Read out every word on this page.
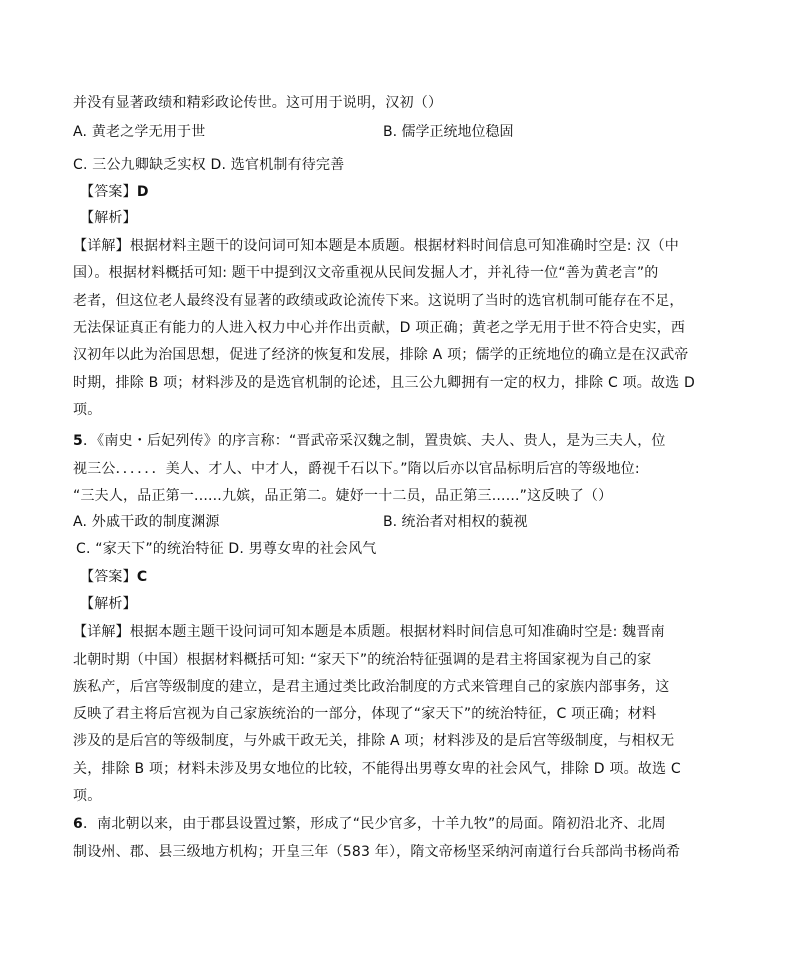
并没有显著政绩和精彩政论传世。这可用于说明，汉初（）
A. 黄老之学无用于世	B. 儒学正统地位稳固
C. 三公九卿缺乏实权 D. 选官机制有待完善
【答案】D
【解析】
【详解】根据材料主题干的设问词可知本题是本质题。根据材料时间信息可知准确时空是: 汉（中
国）。根据材料概括可知: 题干中提到汉文帝重视从民间发掘人才，并礼待一位“善为黄老言”的
老者，但这位老人最终没有显著的政绩或政论流传下来。这说明了当时的选官机制可能存在不足，
无法保证真正有能力的人进入权力中心并作出贡献，D 项正确；黄老之学无用于世不符合史实，西
汉初年以此为治国思想，促进了经济的恢复和发展，排除 A 项；儒学的正统地位的确立是在汉武帝
时期，排除 B 项；材料涉及的是选官机制的论述，且三公九卿拥有一定的权力，排除 C 项。故选 D
项。
5．《南史・后妃列传》的序言称：“晋武帝采汉魏之制，置贵嫔、夫人、贵人，是为三夫人，位
视三公．．．．．．美人、才人、中才人，爵视千石以下。”隋以后亦以官品标明后宫的等级地位:
“三夫人，品正第一......九嫔，品正第二。婕妤一十二员，品正第三......”这反映了（）
A. 外戚干政的制度渊源	B. 统治者对相权的藐视
C. “家天下”的统治特征 D. 男尊女卑的社会风气
【答案】C
【解析】
【详解】根据本题主题干设问词可知本题是本质题。根据材料时间信息可知准确时空是: 魏晋南
北朝时期（中国）根据材料概括可知: “家天下”的统治特征强调的是君主将国家视为自己的家
族私产，后宫等级制度的建立，是君主通过类比政治制度的方式来管理自己的家族内部事务，这
反映了君主将后宫视为自己家族统治的一部分，体现了“家天下”的统治特征，C 项正确；材料
涉及的是后宫的等级制度，与外戚干政无关，排除 A 项；材料涉及的是后宫等级制度，与相权无
关，排除 B 项；材料未涉及男女地位的比较，不能得出男尊女卑的社会风气，排除 D 项。故选 C
项。
6．南北朝以来，由于郡县设置过繁，形成了“民少官多，十羊九牧”的局面。隋初沿北齐、北周
制设州、郡、县三级地方机构；开皇三年（583 年），隋文帝杨坚采纳河南道行台兵部尚书杨尚希
